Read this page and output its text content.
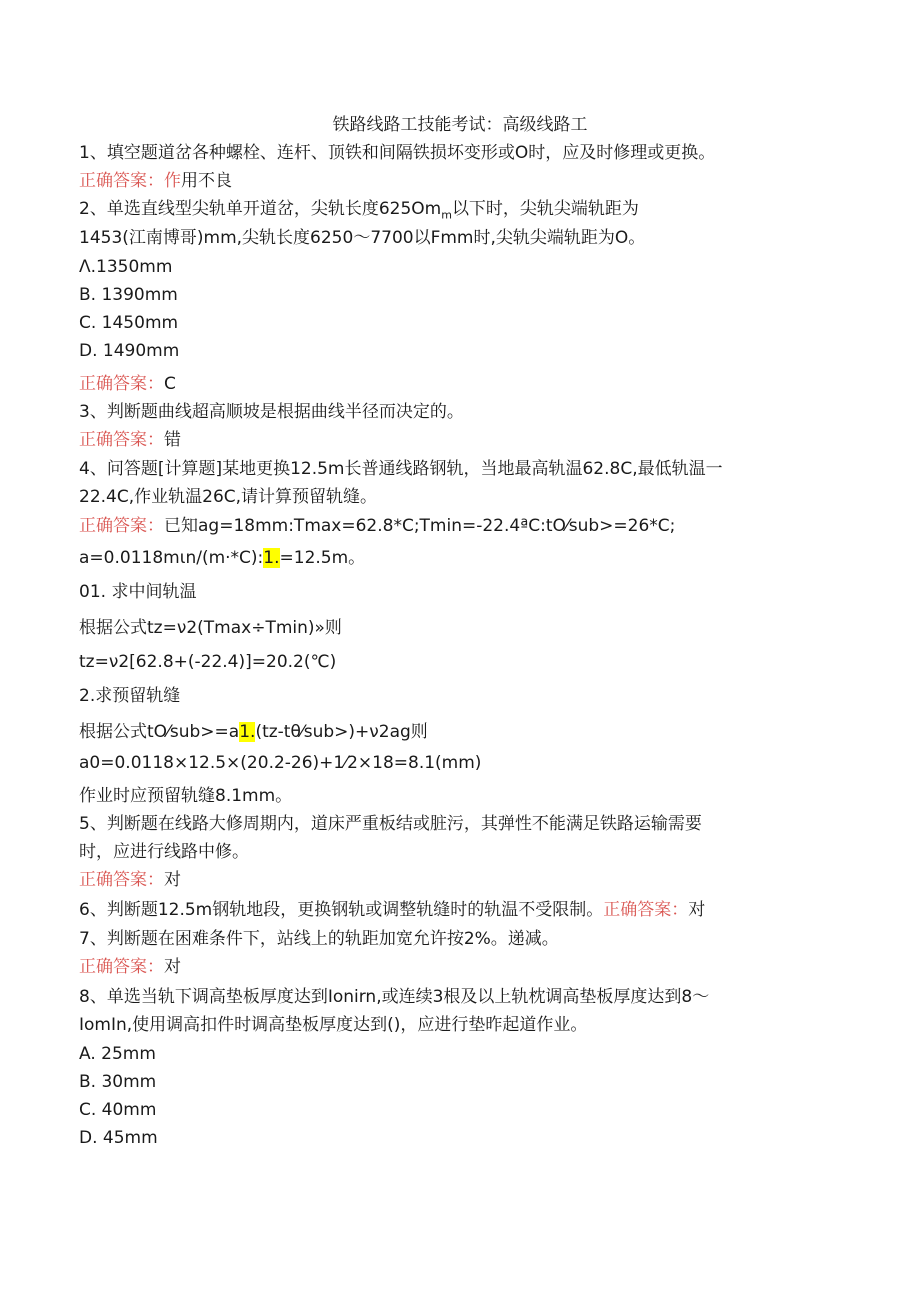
铁路线路工技能考试：高级线路工
1、填空题道岔各种螺栓、连杆、顶铁和间隔铁损坏变形或O时，应及时修理或更换。
正确答案：作用不良
2、单选直线型尖轨单开道岔，尖轨长度$625Om_m$以下时，尖轨尖端轨距为
1453(江南博哥)mm,尖轨长度6250～7700以Fmm时,尖轨尖端轨距为O。
Λ.1350mm
B. 1390mm
C. 1450mm
D. 1490mm
正确答案：C
3、判断题曲线超高顺坡是根据曲线半径而决定的。
正确答案：错
4、问答题[计算题]某地更换12.5m长普通线路钢轨，当地最高轨温62.8C,最低轨温一
22.4C,作业轨温26C,请计算预留轨缝。
正确答案：已知ag=18mm:Tmax=62.8*C;Tmin=-22.4ªC:tO⁄sub>=26*C;
a=0.0118mιn/(m·*C):1.=12.5m。
01. 求中间轨温
根据公式tz=ν2(Tmax÷Tmin)»则
tz=ν2[62.8+(-22.4)]=20.2(℃)
2.求预留轨缝
根据公式tO⁄sub>=a1.(tz-tθ⁄sub>)+ν2ag则
a0=0.0118×12.5×(20.2-26)+1⁄2×18=8.1(mm)
作业时应预留轨缝8.1mm。
5、判断题在线路大修周期内，道床严重板结或脏污，其弹性不能满足铁路运输需要
时，应进行线路中修。
正确答案：对
6、判断题12.5m钢轨地段，更换钢轨或调整轨缝时的轨温不受限制。正确答案：对
7、判断题在困难条件下，站线上的轨距加宽允许按2%。递减。
正确答案：对
8、单选当轨下调高垫板厚度达到Ionirn,或连续3根及以上轨枕调高垫板厚度达到8～
IomIn,使用调高扣件时调高垫板厚度达到()，应进行垫昨起道作业。
A. 25mm
B. 30mm
C. 40mm
D. 45mm
